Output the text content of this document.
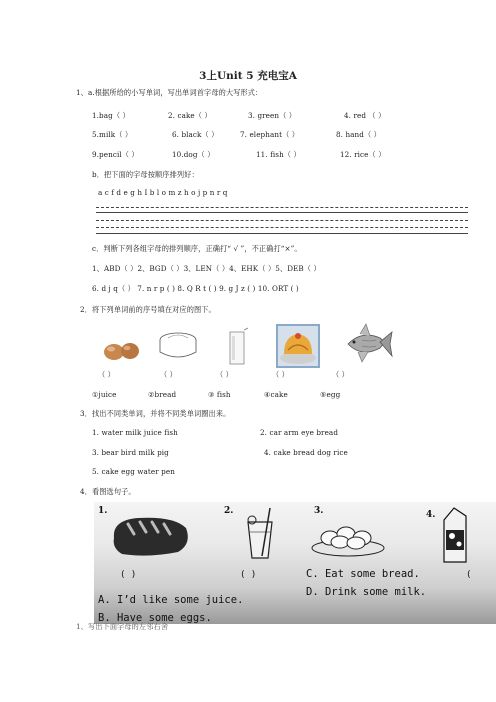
3上Unit 5 充电宝A
1、a.根据所给的小写单词，写出单词首字母的大写形式：
1.bag（ ）	2. cake（ ）	3. green（ ）	4. red （ ）
5.milk（ ）	6. black（ ）	7. elephant（ ）	8. hand（ ）
9.pencil（ ）	10.dog（ ）	11. fish（ ）	12. rice（ ）
b．把下面的字母按顺序排列好：
a c f d e g h I b l o m z h o j p n r q
c．判断下列各组字母的排列顺序，正确打“ √ ”，不正确打“×”。
1、ABD（ ）2、BGD（ ）3、LEN（ ）4、EHK（ ）5、DEB（ ）
6. d j q（ ） 7. n r p ( ) 8. Q R t ( ) 9. g J z ( ) 10. ORT ( )
2．将下列单词前的序号填在对应的图下。
（ ）	（ ）	（ ）	（ ）	（ ）
①juice	②bread	③ fish	④cake	⑤egg
3．找出不同类单词，并将不同类单词圈出来。
1. water milk juice fish	2. car arm eye bread
3. bear bird milk pig	4. cake bread dog rice
5. cake egg water pen
4．看图选句子。
1.	2.	3.	4.
( )	( )	C. Eat some bread.	(
D. Drink some milk.
A. I’d like some juice.
B. Have some eggs.
1、写出下面字母的左邻右舍
